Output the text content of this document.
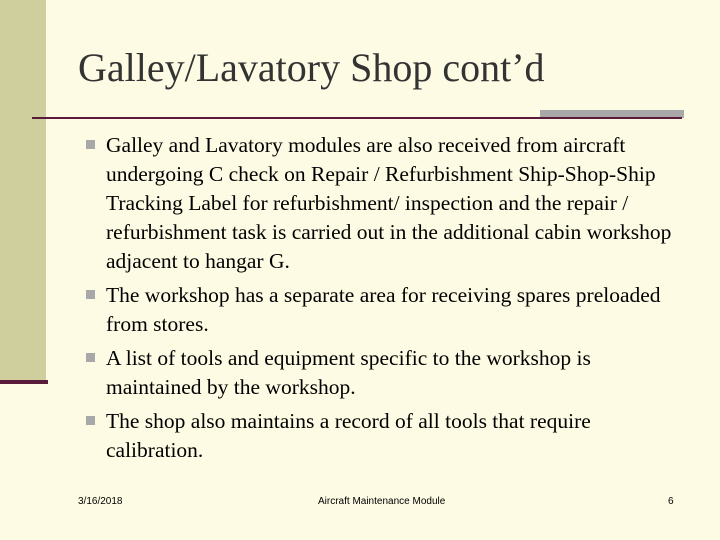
Galley/Lavatory Shop cont’d
Galley and Lavatory modules are also received from aircraft undergoing C check on Repair / Refurbishment Ship-Shop-Ship Tracking Label for refurbishment/ inspection and the repair / refurbishment task is carried out in the additional cabin workshop adjacent to hangar G.
The workshop has a separate area for receiving spares preloaded from stores.
A list of tools and equipment specific to the workshop is maintained by the workshop.
The shop also maintains a record of all tools that require calibration.
3/16/2018	Aircraft Maintenance Module	6
